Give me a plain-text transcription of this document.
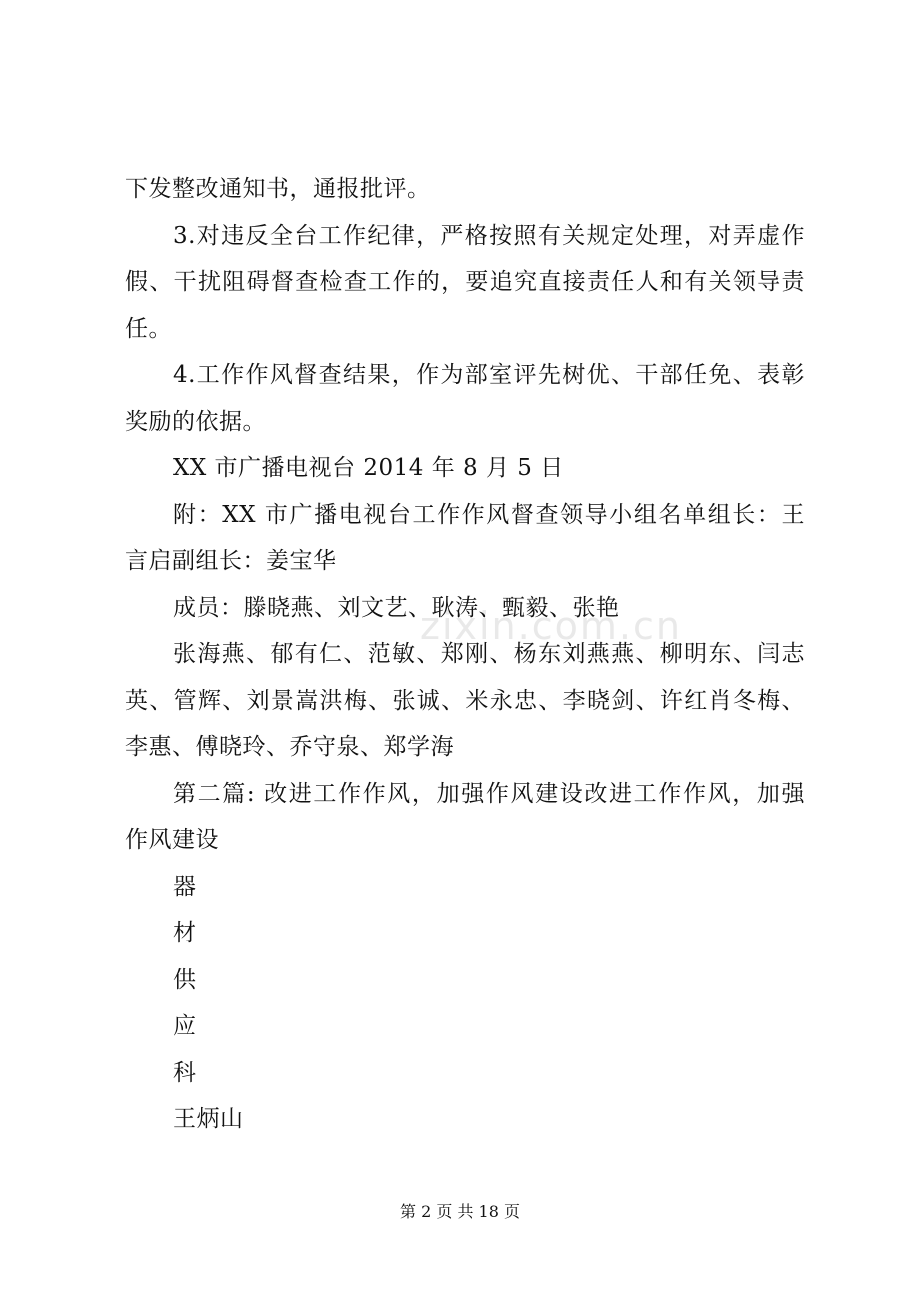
zixin.com.cn
下发整改通知书，通报批评。
3.对违反全台工作纪律，严格按照有关规定处理，对弄虚作
假、干扰阻碍督查检查工作的，要追究直接责任人和有关领导责
任。
4.工作作风督查结果，作为部室评先树优、干部任免、表彰
奖励的依据。
XX 市广播电视台 2014 年 8 月 5 日
附：XX 市广播电视台工作作风督查领导小组名单组长：王
言启副组长：姜宝华
成员：滕晓燕、刘文艺、耿涛、甄毅、张艳
张海燕、郁有仁、范敏、郑刚、杨东刘燕燕、柳明东、闫志
英、管辉、刘景嵩洪梅、张诚、米永忠、李晓剑、许红肖冬梅、
李惠、傅晓玲、乔守泉、郑学海
第二篇: 改进工作作风，加强作风建设改进工作作风，加强
作风建设
器
材
供
应
科
王炳山
第 2 页 共 18 页
